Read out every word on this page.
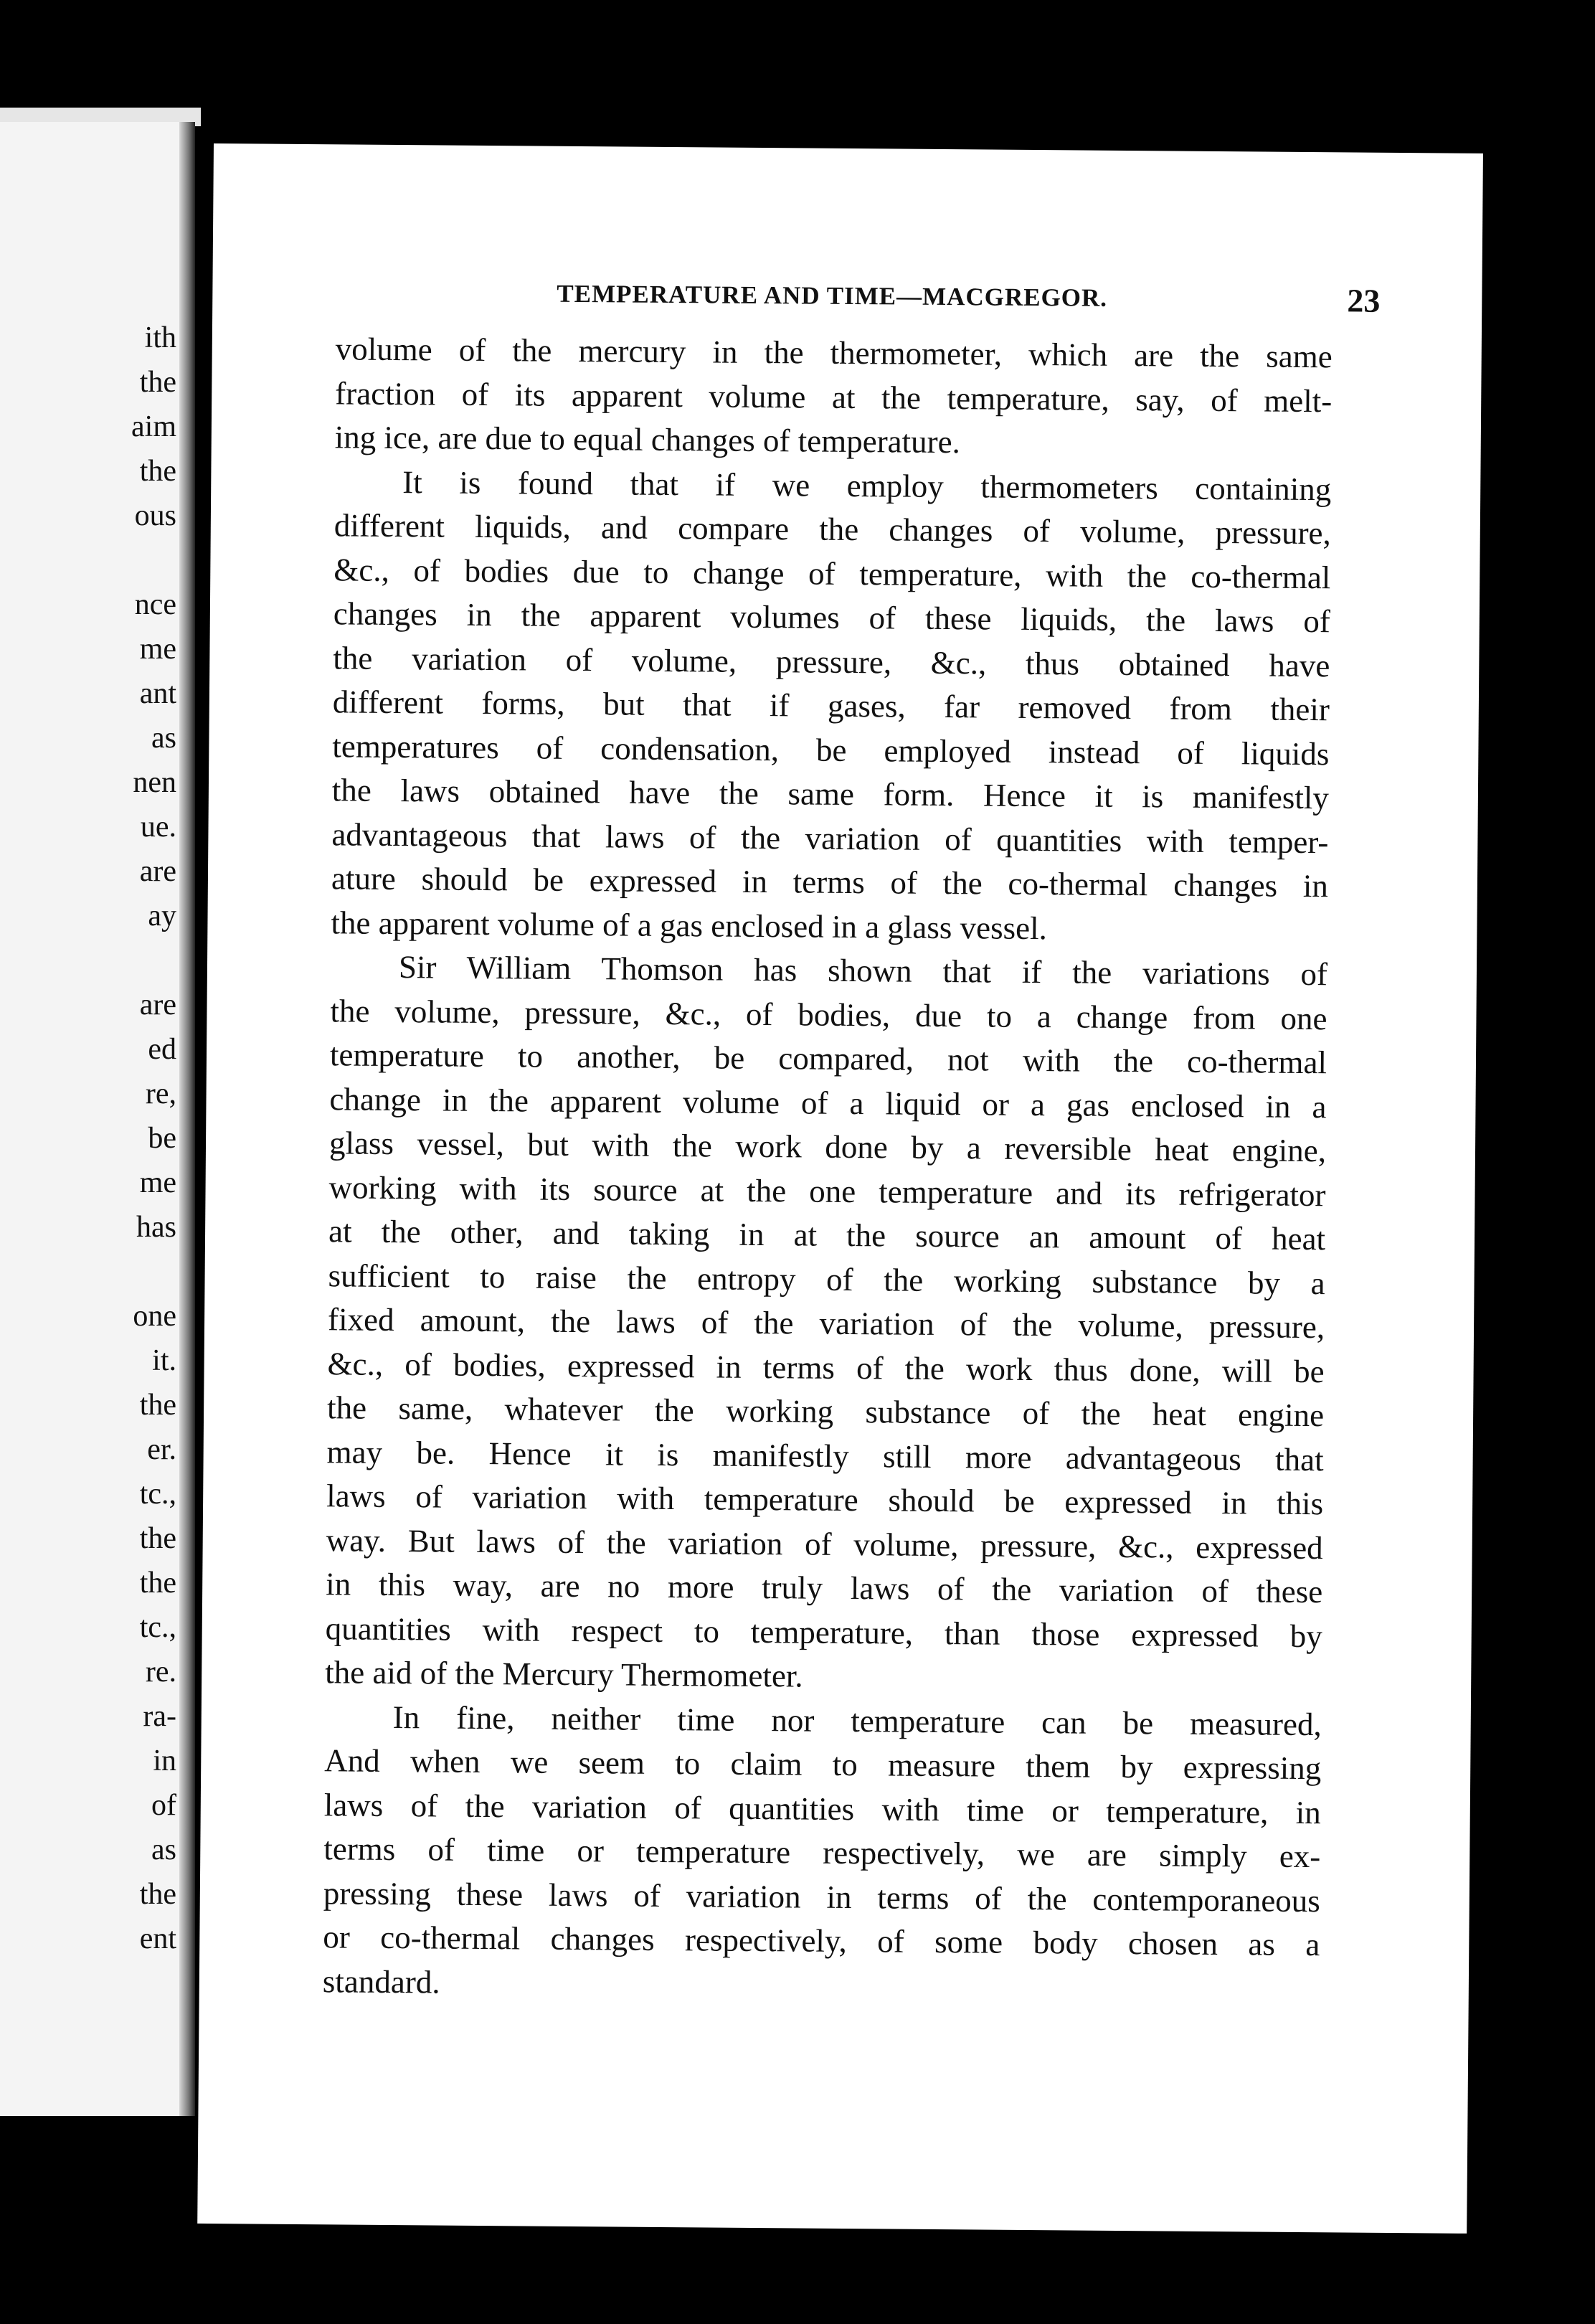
ith
the
aim
the
ous
nce
me
ant
as
nen
ue.
are
ay
are
ed
re,
be
me
has
one
it.
the
er.
tc.,
the
the
tc.,
re.
ra-
in
of
as
the
ent
TEMPERATURE AND TIME—MACGREGOR.	23
volume of the mercury in the thermometer, which are the same
fraction of its apparent volume at the temperature, say, of melt-
ing ice, are due to equal changes of temperature.
It is found that if we employ thermometers containing
different liquids, and compare the changes of volume, pressure,
&c., of bodies due to change of temperature, with the co-thermal
changes in the apparent volumes of these liquids, the laws of
the variation of volume, pressure, &c., thus obtained have
different forms, but that if gases, far removed from their
temperatures of condensation, be employed instead of liquids
the laws obtained have the same form. Hence it is manifestly
advantageous that laws of the variation of quantities with temper-
ature should be expressed in terms of the co-thermal changes in
the apparent volume of a gas enclosed in a glass vessel.
Sir William Thomson has shown that if the variations of
the volume, pressure, &c., of bodies, due to a change from one
temperature to another, be compared, not with the co-thermal
change in the apparent volume of a liquid or a gas enclosed in a
glass vessel, but with the work done by a reversible heat engine,
working with its source at the one temperature and its refrigerator
at the other, and taking in at the source an amount of heat
sufficient to raise the entropy of the working substance by a
fixed amount, the laws of the variation of the volume, pressure,
&c., of bodies, expressed in terms of the work thus done, will be
the same, whatever the working substance of the heat engine
may be. Hence it is manifestly still more advantageous that
laws of variation with temperature should be expressed in this
way. But laws of the variation of volume, pressure, &c., expressed
in this way, are no more truly laws of the variation of these
quantities with respect to temperature, than those expressed by
the aid of the Mercury Thermometer.
In fine, neither time nor temperature can be measured,
And when we seem to claim to measure them by expressing
laws of the variation of quantities with time or temperature, in
terms of time or temperature respectively, we are simply ex-
pressing these laws of variation in terms of the contemporaneous
or co-thermal changes respectively, of some body chosen as a
standard.
